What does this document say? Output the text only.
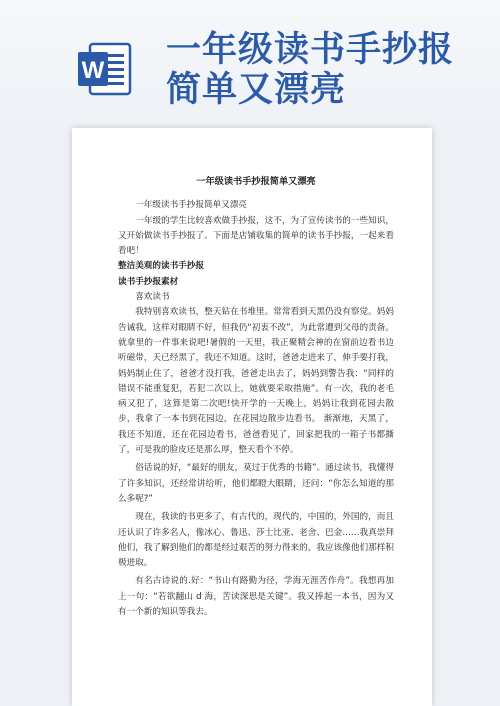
W
一年级读书手抄报
简单又漂亮
一年级读书手抄报简单又漂亮

一年级读书手抄报简单又漂亮

一年级的学生比较喜欢做手抄报，这不，为了宣传读书的一些知识，又开始做读书手抄报了。下面是店铺收集的简单的读书手抄报，一起来看看吧！

整洁美观的读书手抄报

读书手抄报素材

喜欢读书

我特别喜欢读书，整天钻在书堆里。常常看到天黑仍没有察觉。妈妈告诫我，这样对眼睛不好，但我仍“初衷不改”，为此常遭到父母的责备。就拿里的一件事来说吧!暑假的一天里，我正聚精会神的在窗前边看书边听磁带，天已经黑了，我还不知道。这时，爸爸走进来了，伸手要打我，妈妈制止住了，爸爸才没打我，爸爸走出去了，妈妈到警告我：“同样的错误不能重复犯，若犯二次以上，她就要采取措施”。有一次，我的老毛病又犯了，这算是第二次吧!快开学的一天晚上，妈妈让我到花园去散步，我拿了一本书到花园边，在花园边散步边看书。 渐渐地，天黑了，我还不知道，还在花园边看书，爸爸看见了，回家把我的一箱子书都撕了，可是我的脸皮还是那么厚，整天看个不停。

俗话说的好，“最好的朋友，莫过于优秀的书籍”。通过读书，我懂得了许多知识，还经常讲给听，他们都瞪大眼睛，还问：“你怎么知道的那么多呢?”

现在，我读的书更多了，有古代的，现代的，中国的，外国的，而且还认识了许多名人，像冰心、鲁迅、莎士比亚、老舍、巴金……我真崇拜他们，我了解到他们的都是经过艰苦的努力得来的，我应该像他们那样积极进取。

有名古诗说的.好：“书山有路勤为径，学海无涯苦作舟”。我想再加上一句：“若欲翻山 d 海，苦读深思是关键”。我又捧起一本书，因为又有一个新的知识等我去。
